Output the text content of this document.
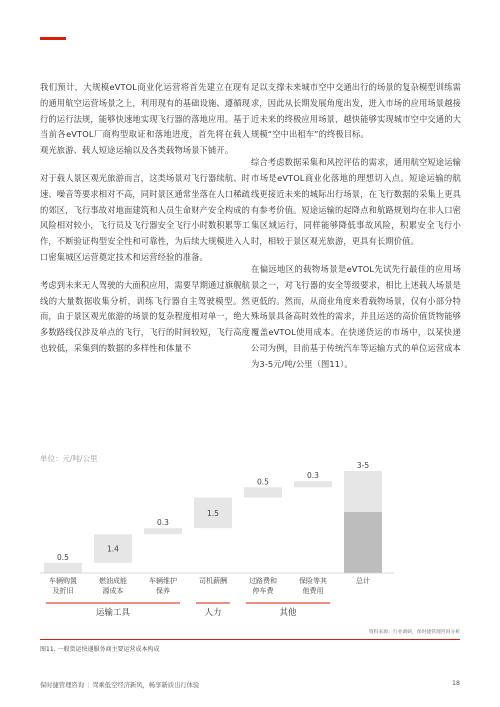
我们预计，大规模eVTOL商业化运营将首先建立在现有的通用航空运营场景之上，利用现有的基础设施、遵循现行的运行法规，能够快速地实现飞行器的落地应用。基于当前各eVTOL厂商构型取证和落地进度，首先将在载人观光旅游、载人短途运输以及各类载物场景下铺开。

对于载人景区观光旅游而言，这类场景对飞行器续航、时速、噪音等要求相对不高，同时景区通常坐落在人口稀疏的郊区，飞行事故对地面建筑和人员生命财产安全构成的风险相对较小，飞行员及飞行器安全飞行小时数积累等工作，不断验证构型安全性和可靠性，为后续大规模进入人口密集城区运营奠定技术和运营经验的准备。

考虑到未来无人驾驶的大面积应用，需要早期通过旗舰航线的大量数据收集分析，训练飞行器自主驾驶模型。然而，由于景区观光旅游的场景的复杂程度相对单一，绝大多数路线仅涉及单点的飞行，飞行的时间较短，飞行高度也较低，采集到的数据的多样性和体量不

足以支撑未来城市空中交通出行的场景的复杂模型训练需求，因此从长期发展角度出发，进入市场的应用场景越接近未来的终极应用场景，越快能够实现城市空中交通的大规模“空中出租车”的终极目标。

综合考虑数据采集和风控评估的需求，通用航空短途运输市场是eVTOL商业化落地的理想切入点。短途运输的航线更接近未来的城际出行场景，在飞行数据的采集上更具有参考价值。短途运输的起降点和航路规划均在非人口密集区域运行，同样能够降低事故风险，积累安全飞行小时，相较于景区观光旅游，更具有长期价值。

在偏远地区的载物场景是eVTOL先试先行最佳的应用场景之一，对飞行器的安全等级要求，相比上述载人场景是更低的。然而，从商业角度来看载物场景，仅有小部分特殊场景具备高时效性的需求，并且运送的高价值货物能够覆盖eVTOL使用成本。在快递货运的市场中，以某快递公司为例，目前基于传统汽车等运输方式的单位运营成本为3-5元/吨/公里（图11）。

单位：元/吨/公里
0.5
车辆购置
及折旧
1.4
燃油成能
源成本
0.3
车辆维护
保养
1.5
司机薪酬
0.5
过路费和
停车费
0.3
保险等其
他费用
3-5
总计
运输工具	人力	其他
资料来源：行业调研，保时捷管理咨询分析
图11. 一般货运快递服务商主要运营成本构成
保时捷管理咨询 | 驾乘低空经济新风，畅享新质出行体验	18
